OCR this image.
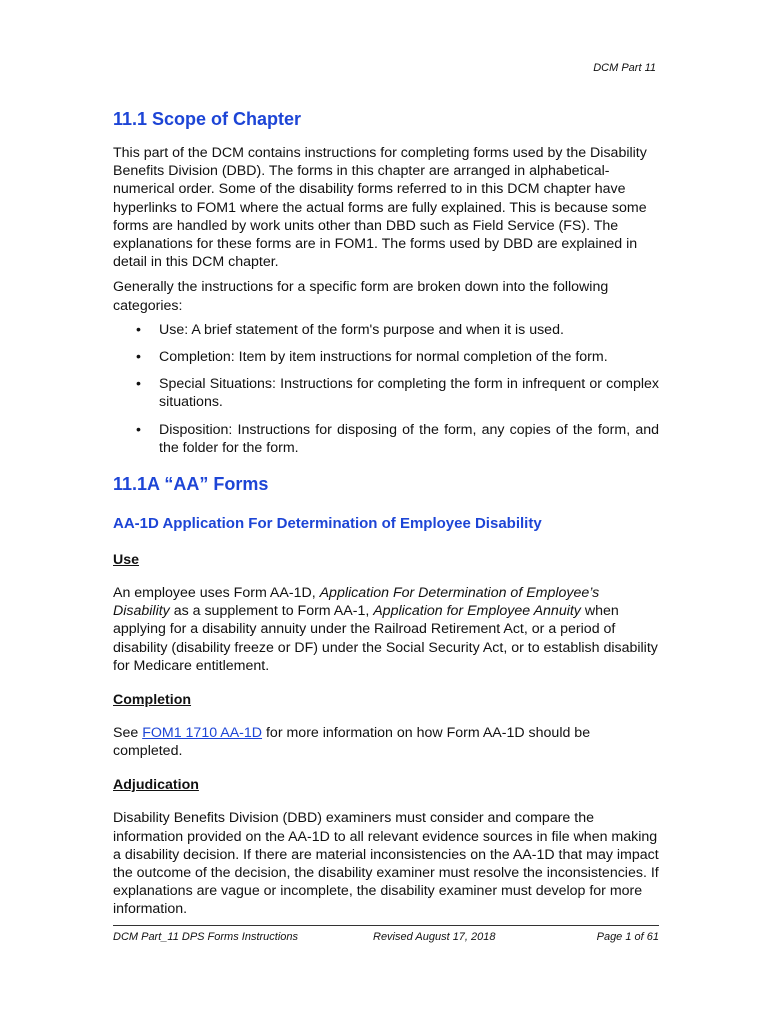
DCM Part 11
11.1 Scope of Chapter

This part of the DCM contains instructions for completing forms used by the Disability Benefits Division (DBD). The forms in this chapter are arranged in alphabetical-numerical order. Some of the disability forms referred to in this DCM chapter have hyperlinks to FOM1 where the actual forms are fully explained. This is because some forms are handled by work units other than DBD such as Field Service (FS). The explanations for these forms are in FOM1. The forms used by DBD are explained in detail in this DCM chapter.

Generally the instructions for a specific form are broken down into the following categories:

• Use: A brief statement of the form's purpose and when it is used.
• Completion: Item by item instructions for normal completion of the form.
• Special Situations: Instructions for completing the form in infrequent or complex situations.
• Disposition: Instructions for disposing of the form, any copies of the form, and the folder for the form.
11.1A “AA” Forms
AA-1D Application For Determination of Employee Disability
Use

An employee uses Form AA-1D, Application For Determination of Employee’s Disability as a supplement to Form AA-1, Application for Employee Annuity when applying for a disability annuity under the Railroad Retirement Act, or a period of disability (disability freeze or DF) under the Social Security Act, or to establish disability for Medicare entitlement.

Completion

See FOM1 1710 AA-1D for more information on how Form AA-1D should be completed.

Adjudication

Disability Benefits Division (DBD) examiners must consider and compare the information provided on the AA-1D to all relevant evidence sources in file when making a disability decision. If there are material inconsistencies on the AA-1D that may impact the outcome of the decision, the disability examiner must resolve the inconsistencies. If explanations are vague or incomplete, the disability examiner must develop for more information.

DCM Part_11 DPS Forms Instructions	Revised August 17, 2018	Page 1 of 61
